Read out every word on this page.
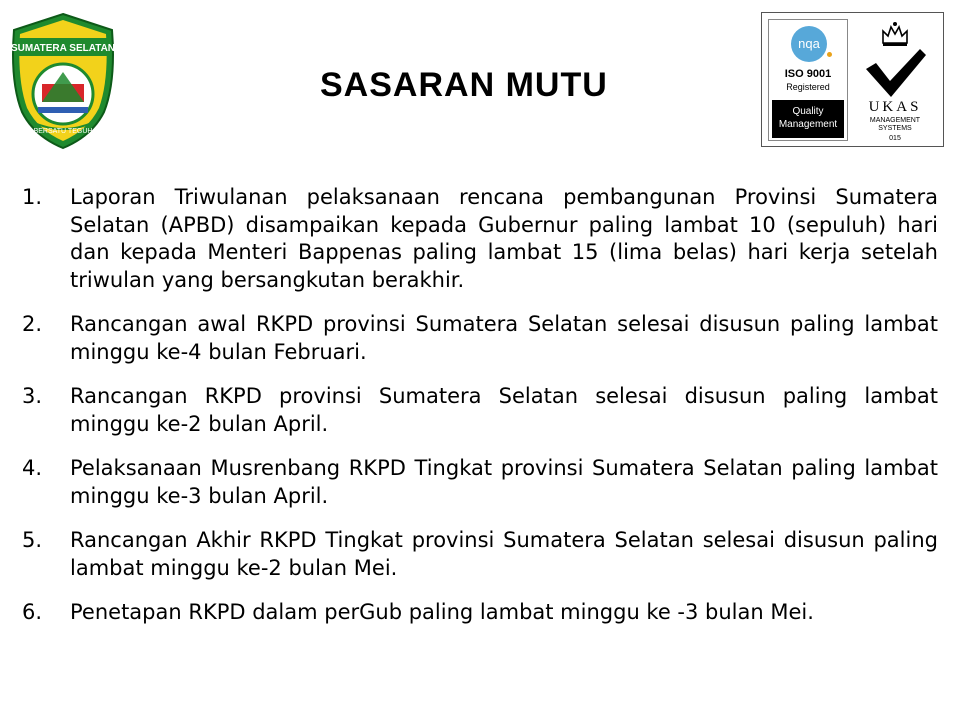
SUMATERA SELATAN
BERSATU TEGUH
SASARAN MUTU
nqa
ISO 9001
Registered
Quality
Management
UKAS
MANAGEMENT
SYSTEMS
015
1. Laporan Triwulanan pelaksanaan rencana pembangunan Provinsi Sumatera Selatan (APBD) disampaikan kepada Gubernur paling lambat 10 (sepuluh) hari dan kepada Menteri Bappenas paling lambat 15 (lima belas) hari kerja setelah triwulan yang bersangkutan berakhir.
2. Rancangan awal RKPD provinsi Sumatera Selatan selesai disusun paling lambat minggu ke-4 bulan Februari.
3. Rancangan RKPD provinsi Sumatera Selatan selesai disusun paling lambat minggu ke-2 bulan April.
4. Pelaksanaan Musrenbang RKPD Tingkat provinsi Sumatera Selatan paling lambat minggu ke-3 bulan April.
5. Rancangan Akhir RKPD Tingkat provinsi Sumatera Selatan selesai disusun paling lambat minggu ke-2 bulan Mei.
6. Penetapan RKPD dalam perGub paling lambat minggu ke -3 bulan Mei.
